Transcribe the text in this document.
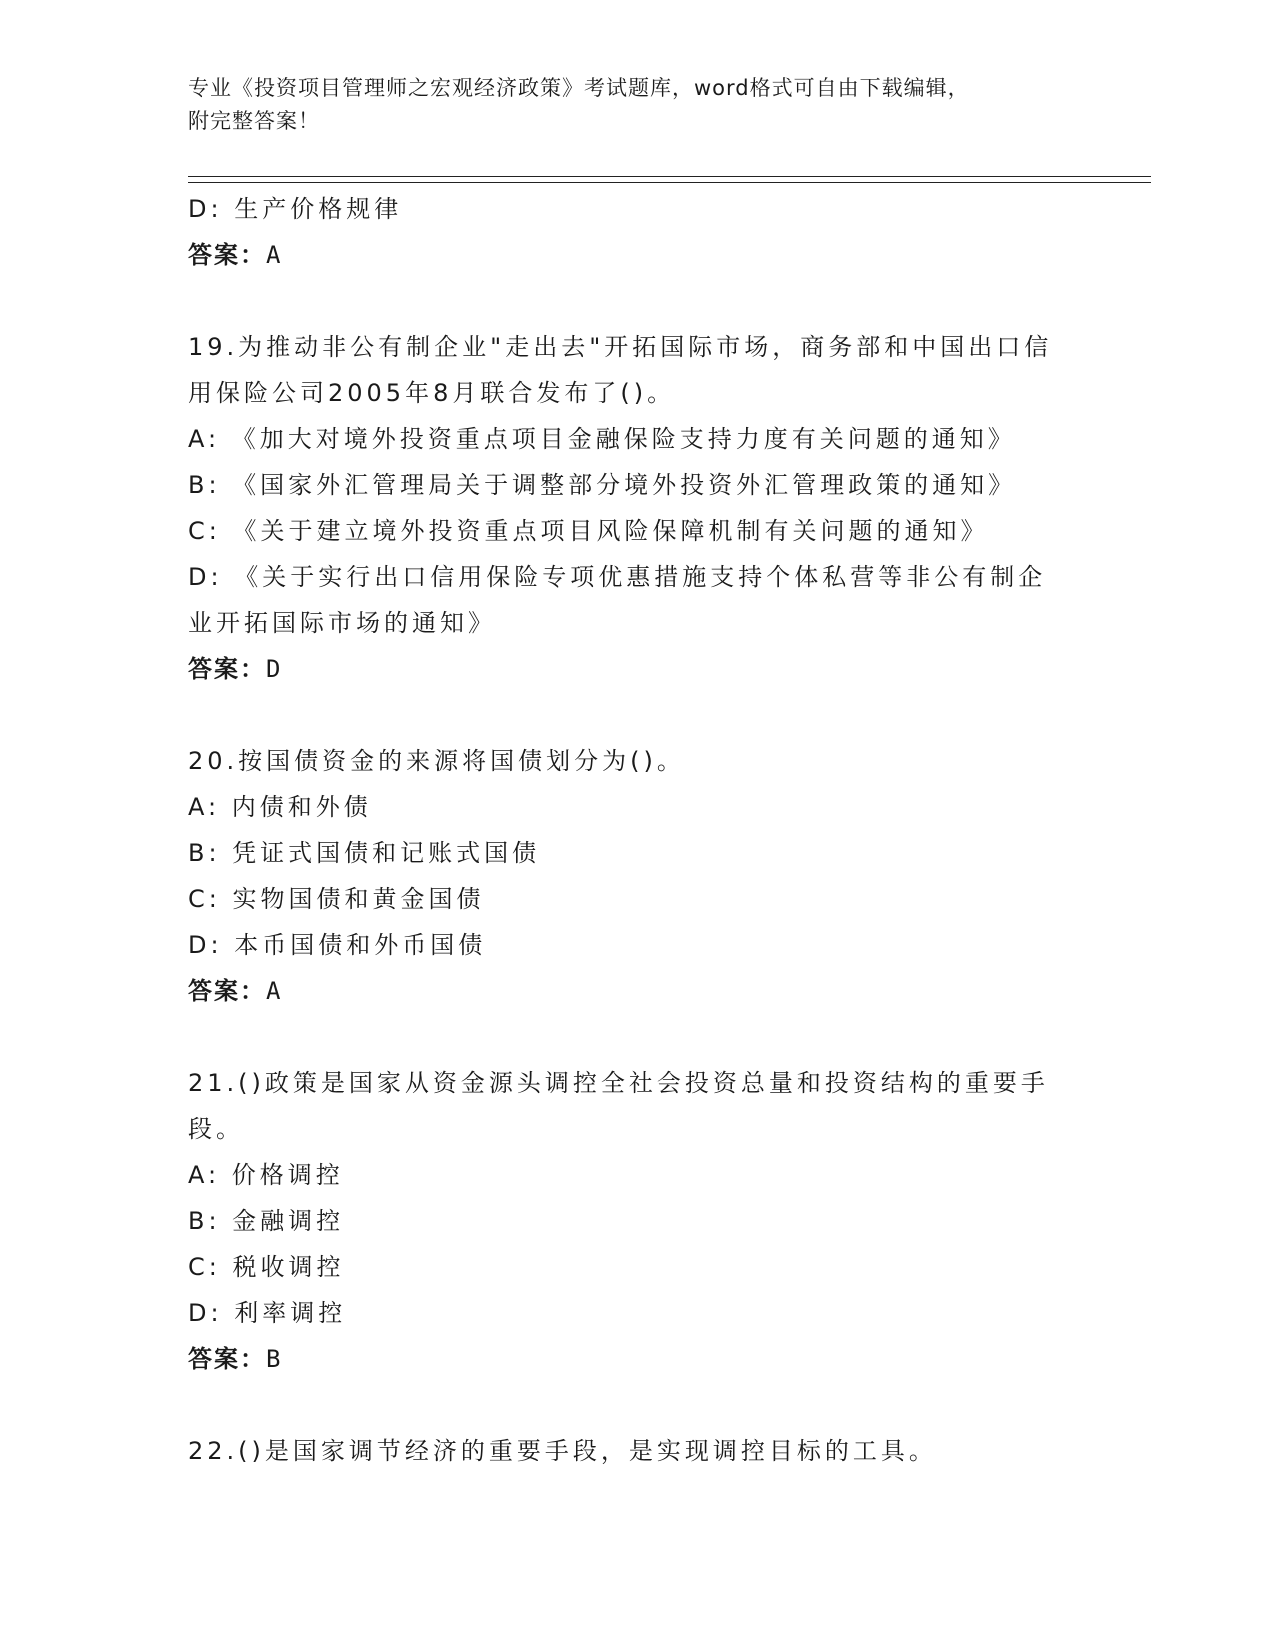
专业《投资项目管理师之宏观经济政策》考试题库，word格式可自由下载编辑，
附完整答案！
D: 生产价格规律
答案：A
19.为推动非公有制企业"走出去"开拓国际市场，商务部和中国出口信
用保险公司2005年8月联合发布了()。
A: 《加大对境外投资重点项目金融保险支持力度有关问题的通知》
B: 《国家外汇管理局关于调整部分境外投资外汇管理政策的通知》
C: 《关于建立境外投资重点项目风险保障机制有关问题的通知》
D: 《关于实行出口信用保险专项优惠措施支持个体私营等非公有制企
业开拓国际市场的通知》
答案：D
20.按国债资金的来源将国债划分为()。
A: 内债和外债
B: 凭证式国债和记账式国债
C: 实物国债和黄金国债
D: 本币国债和外币国债
答案：A
21.()政策是国家从资金源头调控全社会投资总量和投资结构的重要手
段。
A: 价格调控
B: 金融调控
C: 税收调控
D: 利率调控
答案：B
22.()是国家调节经济的重要手段，是实现调控目标的工具。
